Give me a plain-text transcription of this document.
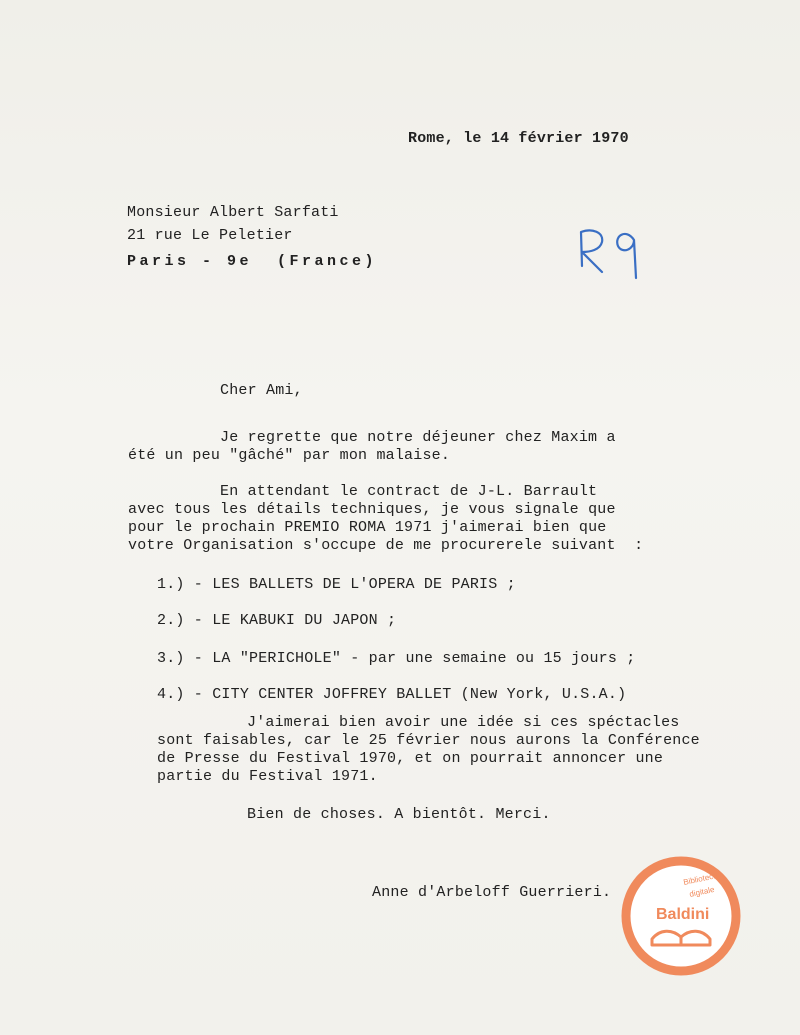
Rome, le 14 février 1970
Monsieur Albert Sarfati
21 rue Le Peletier
Paris - 9e  (France)
R9
Cher Ami,
Je regrette que notre déjeuner chez Maxim a
été un peu "gâché" par mon malaise.
En attendant le contract de J-L. Barrault
avec tous les détails techniques, je vous signale que
pour le prochain PREMIO ROMA 1971 j'aimerai bien que
votre Organisation s'occupe de me procurerele suivant  :
1.) - LES BALLETS DE L'OPERA DE PARIS ;
2.) - LE KABUKI DU JAPON ;
3.) - LA "PERICHOLE" - par une semaine ou 15 jours ;
4.) - CITY CENTER JOFFREY BALLET (New York, U.S.A.)
J'aimerai bien avoir une idée si ces spéctacles
sont faisables, car le 25 février nous aurons la Conférence
de Presse du Festival 1970, et on pourrait annoncer une
partie du Festival 1971.
Bien de choses. A bientôt. Merci.
Anne d'Arbeloff Guerrieri.
Biblioteca
digitale
Baldini
